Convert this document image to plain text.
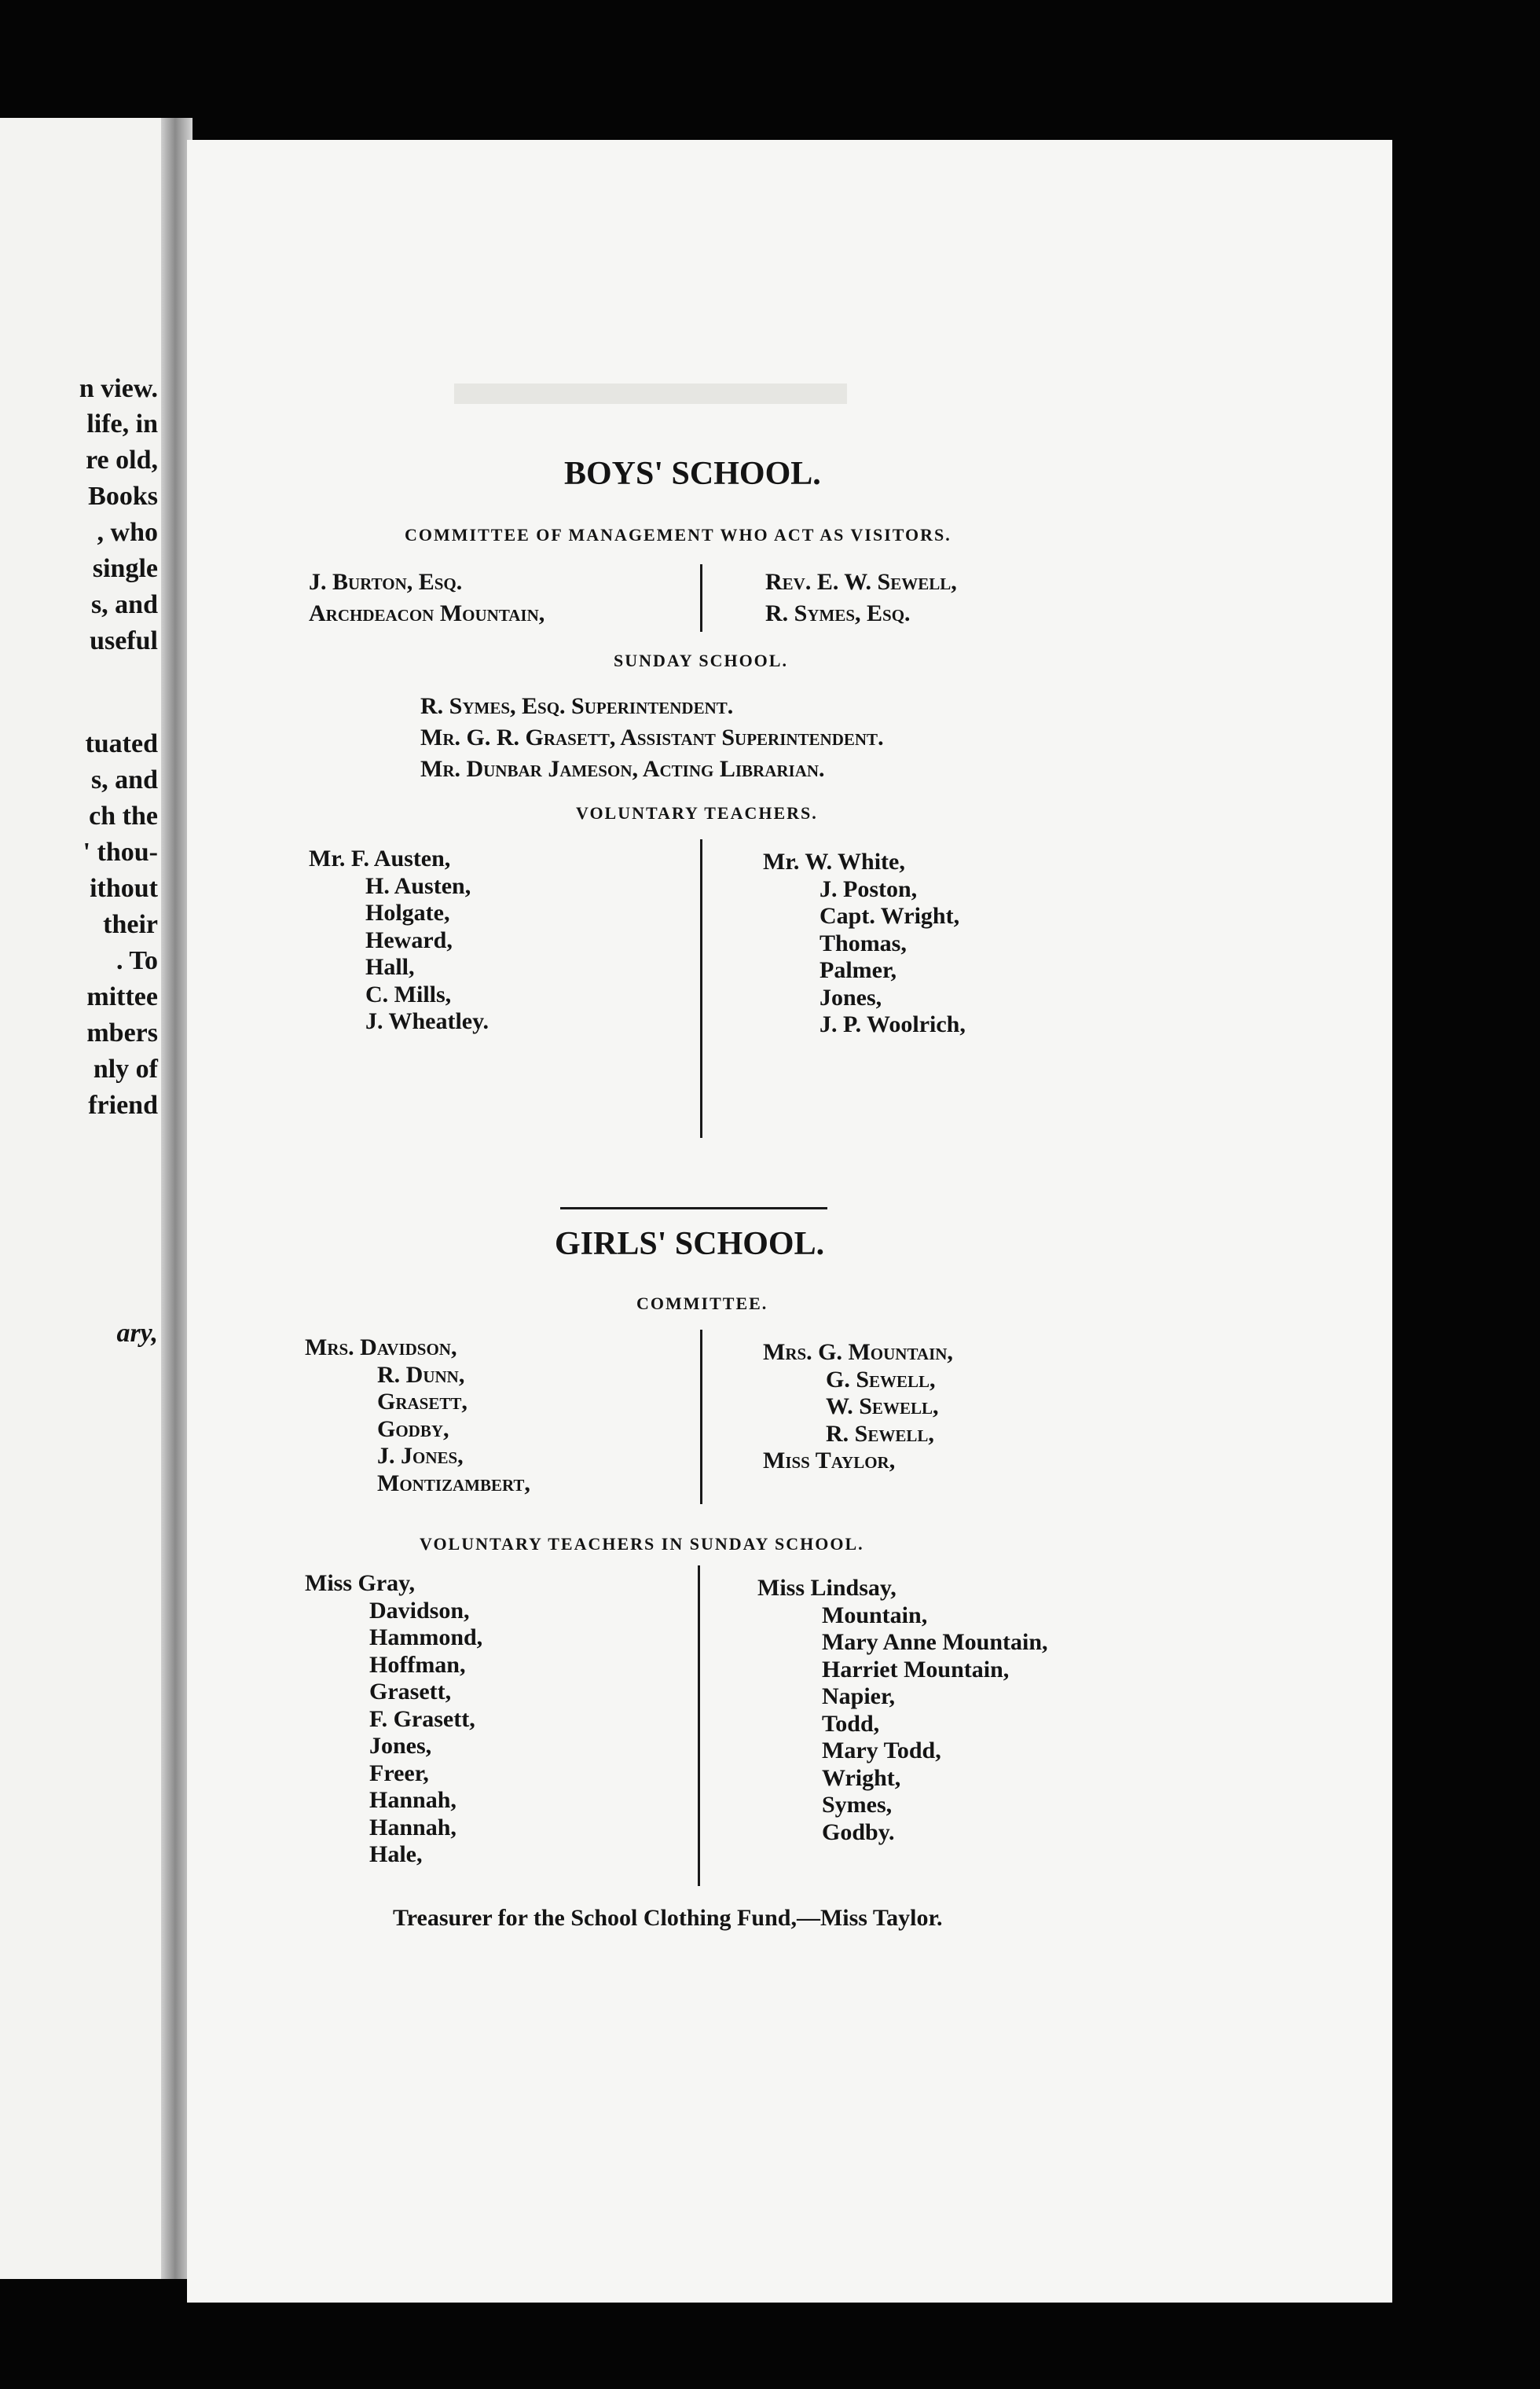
n view.
life, in
re old,
Books
, who
single
s, and
useful
tuated
s, and
ch the
' thou-
ithout
their
. To
mittee
mbers
nly of
friend
ary,
BOYS' SCHOOL.
COMMITTEE OF MANAGEMENT WHO ACT AS VISITORS.
J. Burton, Esq.
Archdeacon Mountain,
Rev. E. W. Sewell,
R. Symes, Esq.
SUNDAY SCHOOL.
R. Symes, Esq. Superintendent.
Mr. G. R. Grasett, Assistant Superintendent.
Mr. Dunbar Jameson, Acting Librarian.
VOLUNTARY TEACHERS.
Mr. F. Austen,
H. Austen,
Holgate,
Heward,
Hall,
C. Mills,
J. Wheatley.
Mr. W. White,
J. Poston,
Capt. Wright,
Thomas,
Palmer,
Jones,
J. P. Woolrich,
GIRLS' SCHOOL.
COMMITTEE.
Mrs. Davidson,
R. Dunn,
Grasett,
Godby,
J. Jones,
Montizambert,
Mrs. G. Mountain,
G. Sewell,
W. Sewell,
R. Sewell,
Miss Taylor,
VOLUNTARY TEACHERS IN SUNDAY SCHOOL.
Miss Gray,
Davidson,
Hammond,
Hoffman,
Grasett,
F. Grasett,
Jones,
Freer,
Hannah,
Hannah,
Hale,
Miss Lindsay,
Mountain,
Mary Anne Mountain,
Harriet Mountain,
Napier,
Todd,
Mary Todd,
Wright,
Symes,
Godby.
Treasurer for the School Clothing Fund,—Miss Taylor.
